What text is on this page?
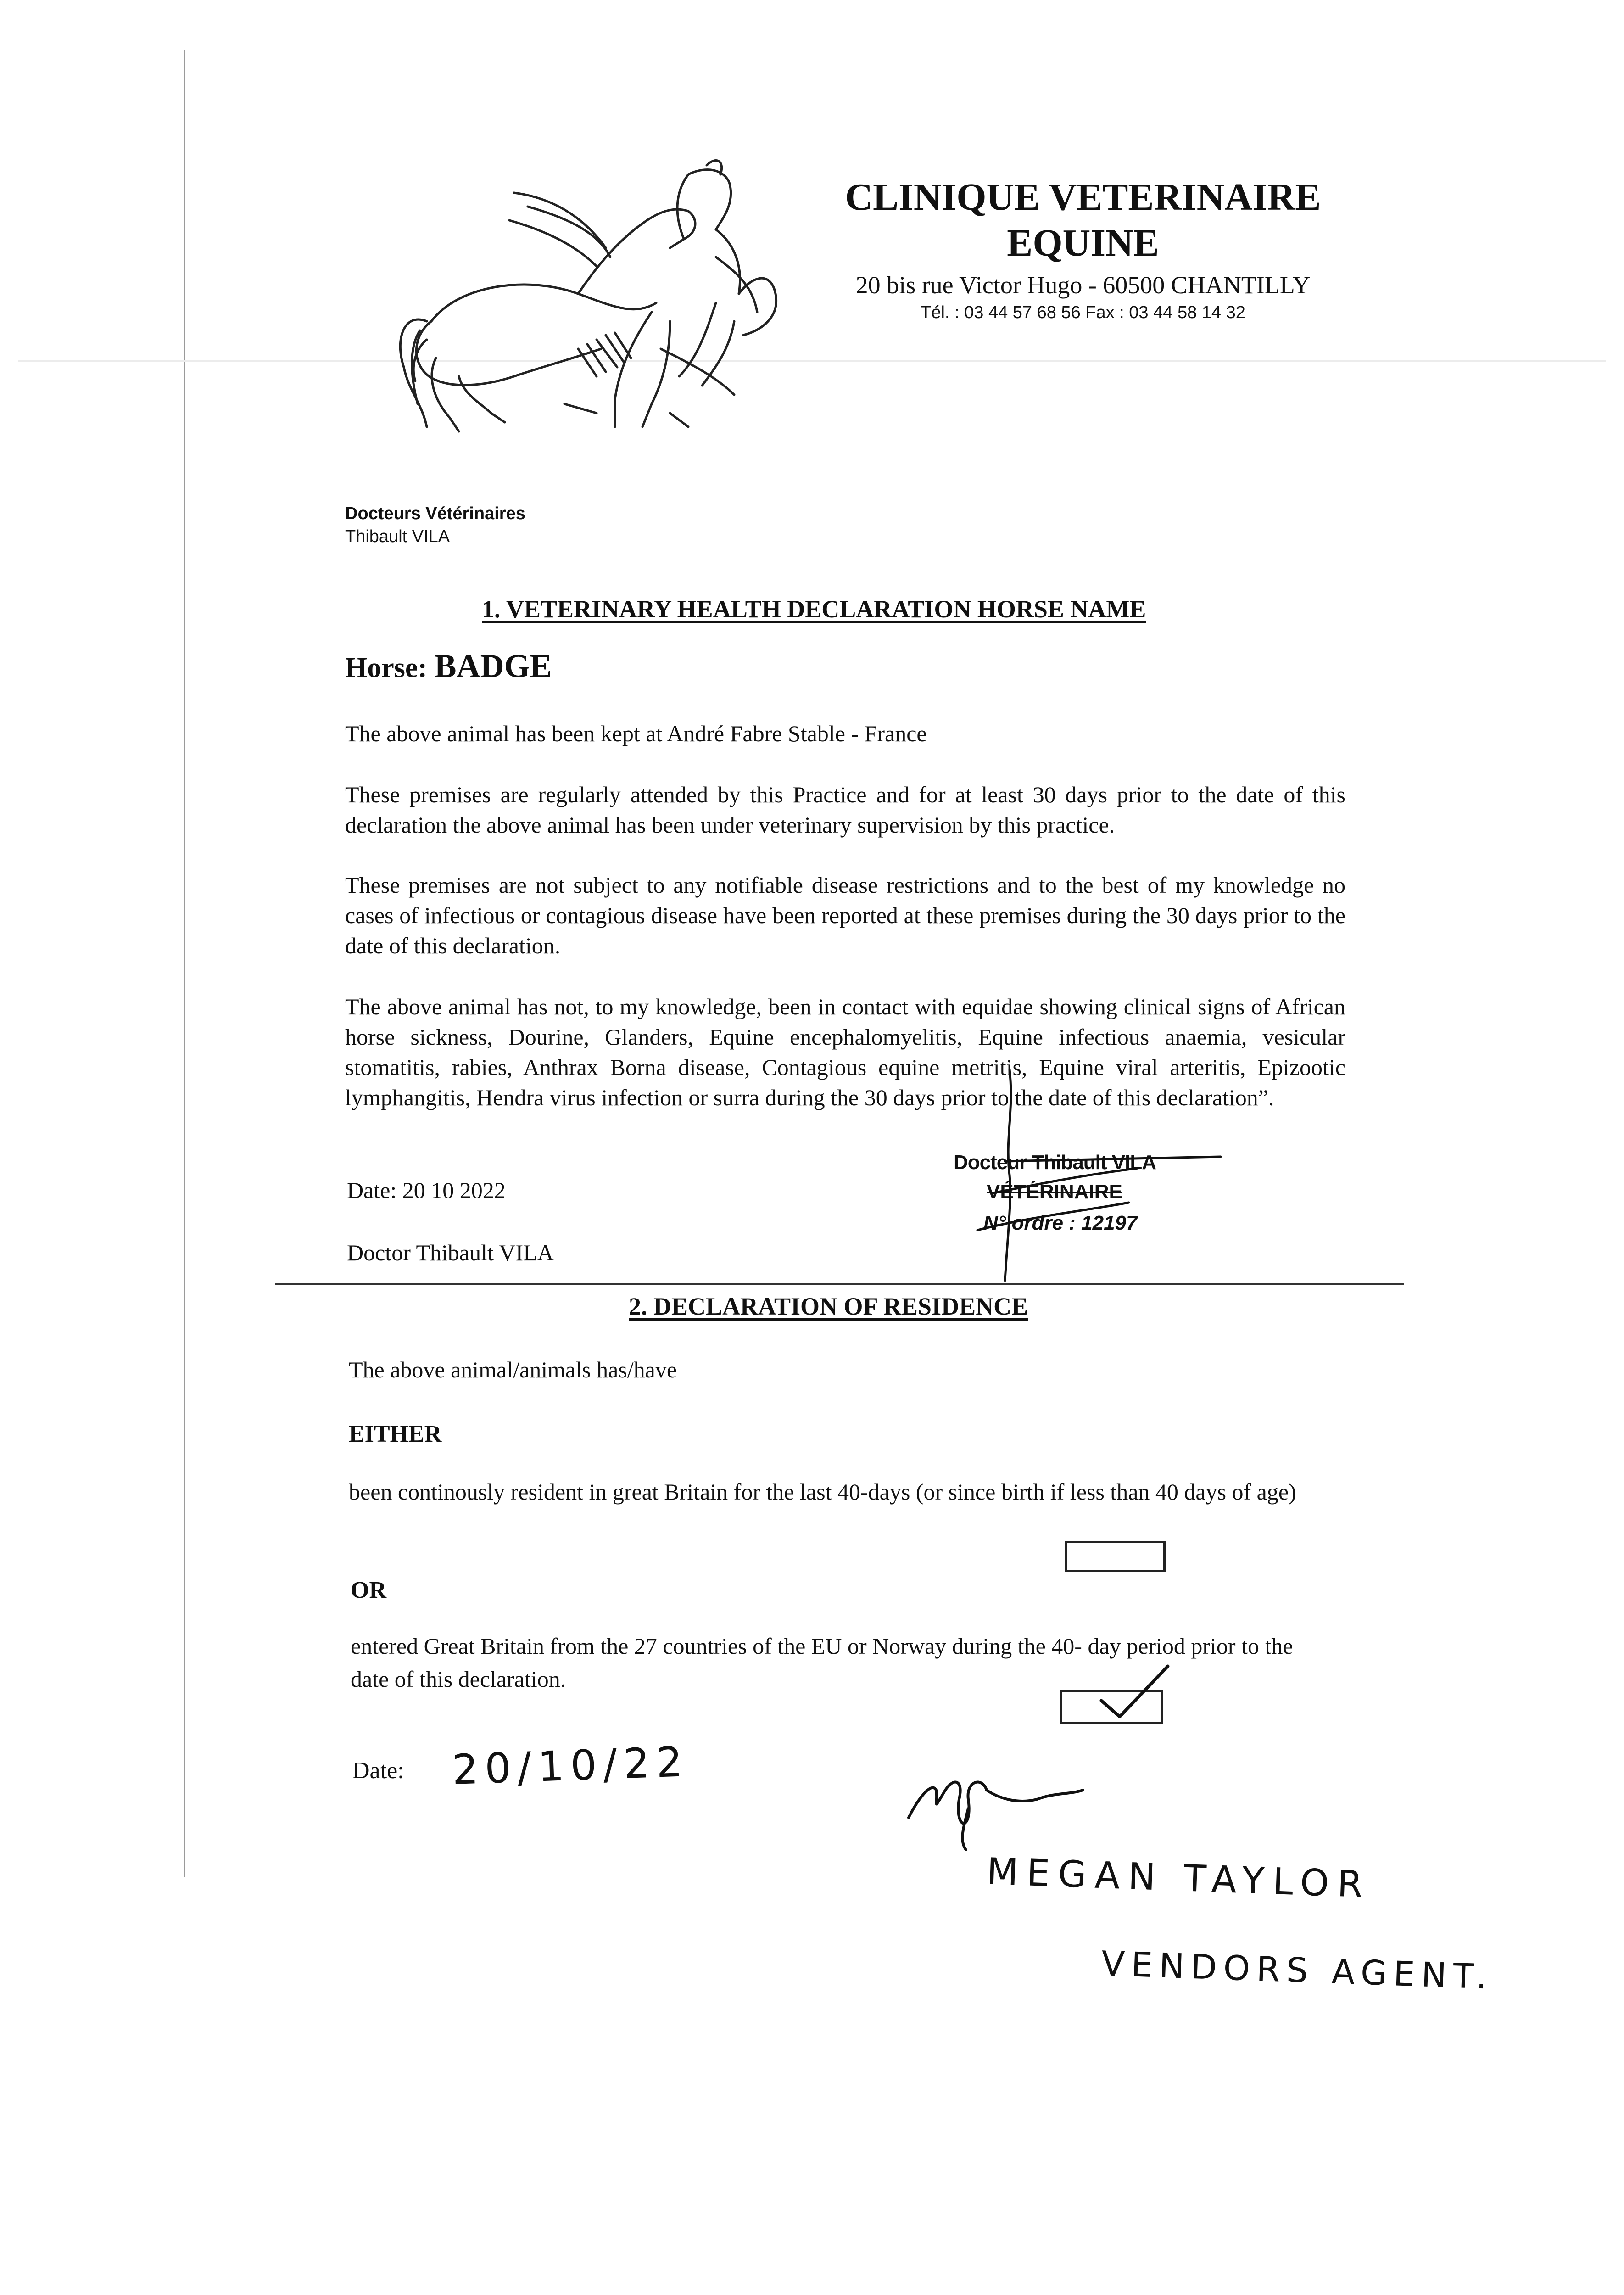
CLINIQUE VETERINAIRE
EQUINE
20 bis rue Victor Hugo - 60500 CHANTILLY
Tél. : 03 44 57 68 56 Fax : 03 44 58 14 32
Docteurs Vétérinaires
Thibault VILA
1. VETERINARY HEALTH DECLARATION HORSE NAME
Horse: BADGE
The above animal has been kept at André Fabre Stable - France
These premises are regularly attended by this Practice and for at least 30 days prior to the date of this declaration the above animal has been under veterinary supervision by this practice.
These premises are not subject to any notifiable disease restrictions and to the best of my knowledge no cases of infectious or contagious disease have been reported at these premises during the 30 days prior to the date of this declaration.
The above animal has not, to my knowledge, been in contact with equidae showing clinical signs of African horse sickness, Dourine, Glanders, Equine encephalomyelitis, Equine infectious anaemia, vesicular stomatitis, rabies, Anthrax Borna disease, Contagious equine metritis, Equine viral arteritis, Epizootic lymphangitis, Hendra virus infection or surra during the 30 days prior to the date of this declaration”.
Date: 20 10 2022
Doctor Thibault VILA
Docteur Thibault VILA
VÉTÉRINAIRE
N° ordre : 12197
2. DECLARATION OF RESIDENCE
The above animal/animals has/have
EITHER
been continously resident in great Britain for the last 40-days (or since birth if less than 40 days of age)
OR
entered Great Britain from the 27 countries of the EU or Norway during the 40- day period prior to the date of this declaration.
Date: 20/10/22
MEGAN TAYLOR
VENDORS AGENT.
